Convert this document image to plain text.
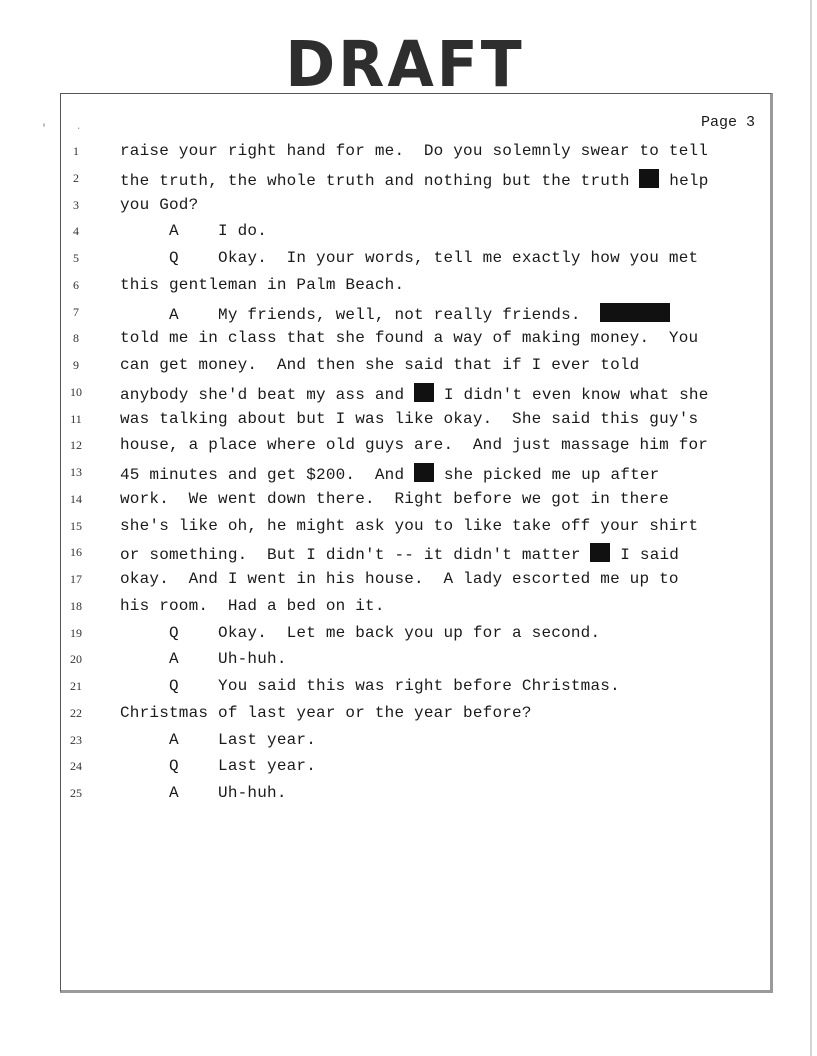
DRAFT
'	.	Page 3
1	raise your right hand for me.  Do you solemnly swear to tell
2	the truth, the whole truth and nothing but the truth  help
3	you God?
4	A    I do.
5	Q    Okay.  In your words, tell me exactly how you met
6	this gentleman in Palm Beach.
7	A    My friends, well, not really friends.
8	told me in class that she found a way of making money.  You
9	can get money.  And then she said that if I ever told
10	anybody she'd beat my ass and  I didn't even know what she
11	was talking about but I was like okay.  She said this guy's
12	house, a place where old guys are.  And just massage him for
13	45 minutes and get $200.  And  she picked me up after
14	work.  We went down there.  Right before we got in there
15	she's like oh, he might ask you to like take off your shirt
16	or something.  But I didn't -- it didn't matter  I said
17	okay.  And I went in his house.  A lady escorted me up to
18	his room.  Had a bed on it.
19	Q    Okay.  Let me back you up for a second.
20	A    Uh-huh.
21	Q    You said this was right before Christmas.
22	Christmas of last year or the year before?
23	A    Last year.
24	Q    Last year.
25	A    Uh-huh.
